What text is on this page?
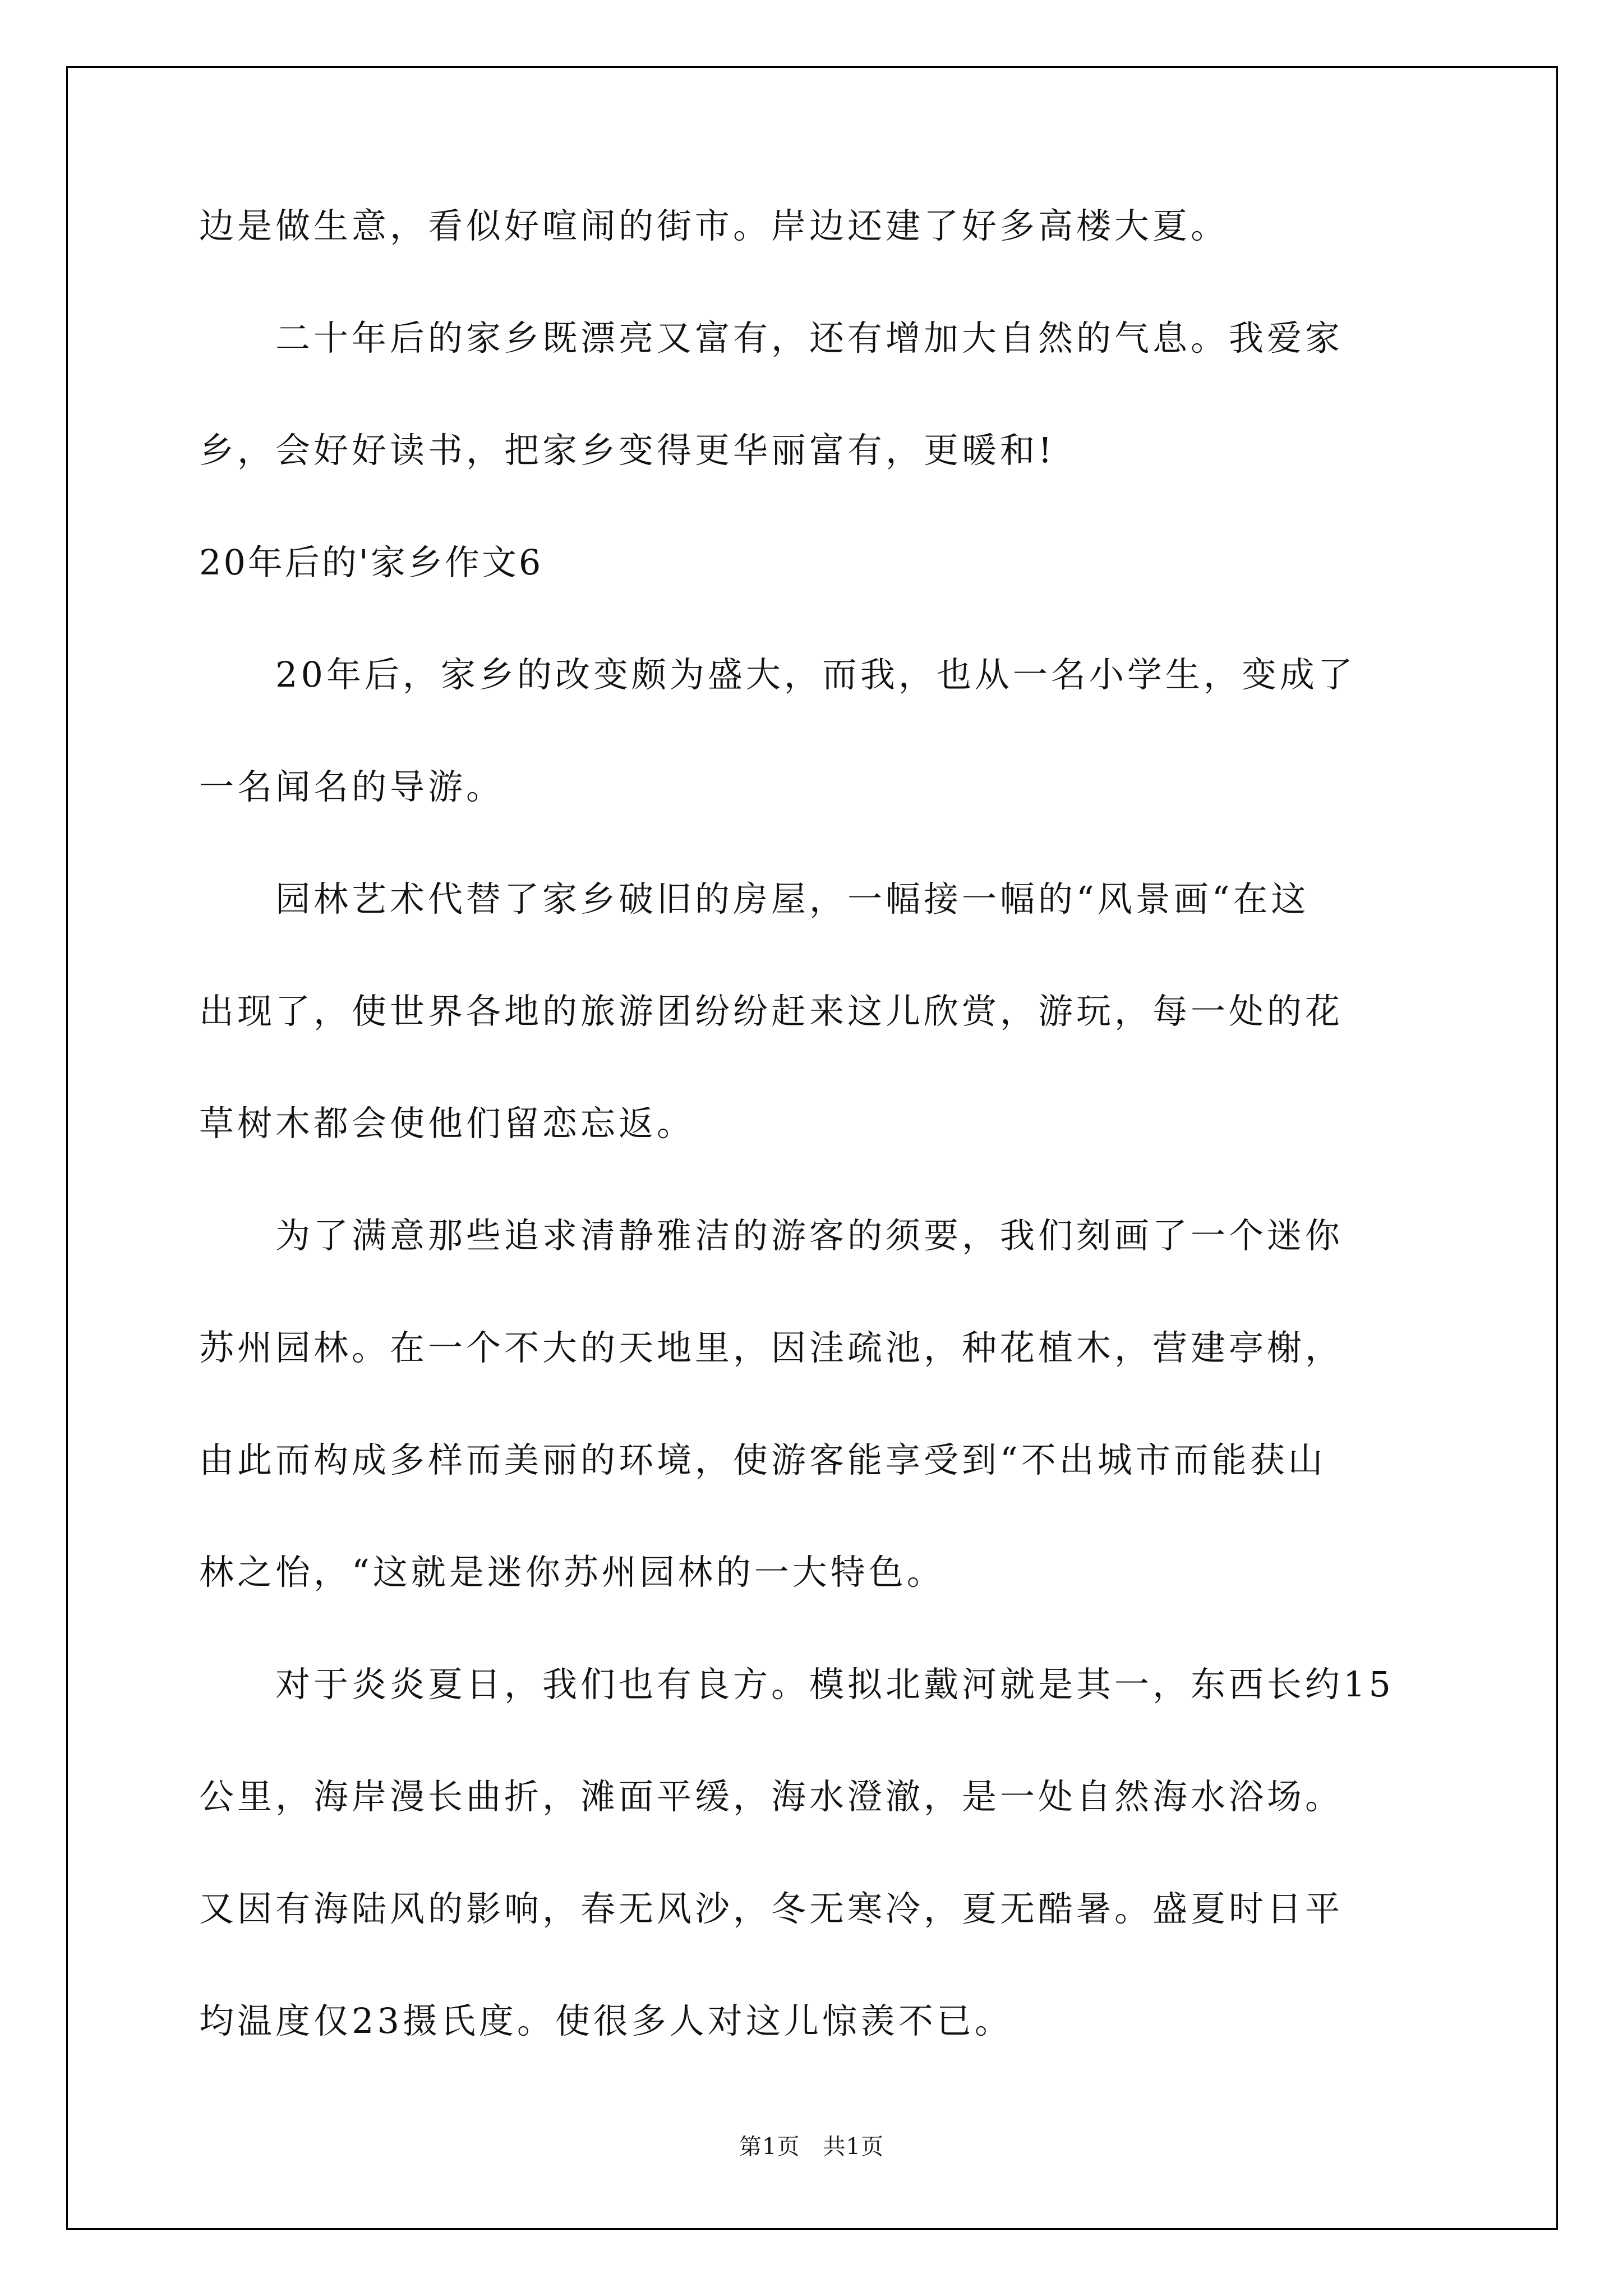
边是做生意，看似好喧闹的街市。岸边还建了好多高楼大夏。
　　二十年后的家乡既漂亮又富有，还有增加大自然的气息。我爱家
乡，会好好读书，把家乡变得更华丽富有，更暖和!
20年后的'家乡作文6
　　20年后，家乡的改变颇为盛大，而我，也从一名小学生，变成了
一名闻名的导游。
　　园林艺术代替了家乡破旧的房屋，一幅接一幅的“风景画“在这
出现了，使世界各地的旅游团纷纷赶来这儿欣赏，游玩，每一处的花
草树木都会使他们留恋忘返。
　　为了满意那些追求清静雅洁的游客的须要，我们刻画了一个迷你
苏州园林。在一个不大的天地里，因洼疏池，种花植木，营建亭榭，
由此而构成多样而美丽的环境，使游客能享受到“不出城市而能获山
林之怡，“这就是迷你苏州园林的一大特色。
　　对于炎炎夏日，我们也有良方。模拟北戴河就是其一，东西长约15
公里，海岸漫长曲折，滩面平缓，海水澄澈，是一处自然海水浴场。
又因有海陆风的影响，春无风沙，冬无寒冷，夏无酷暑。盛夏时日平
均温度仅23摄氏度。使很多人对这儿惊羡不已。
第1页　共1页
